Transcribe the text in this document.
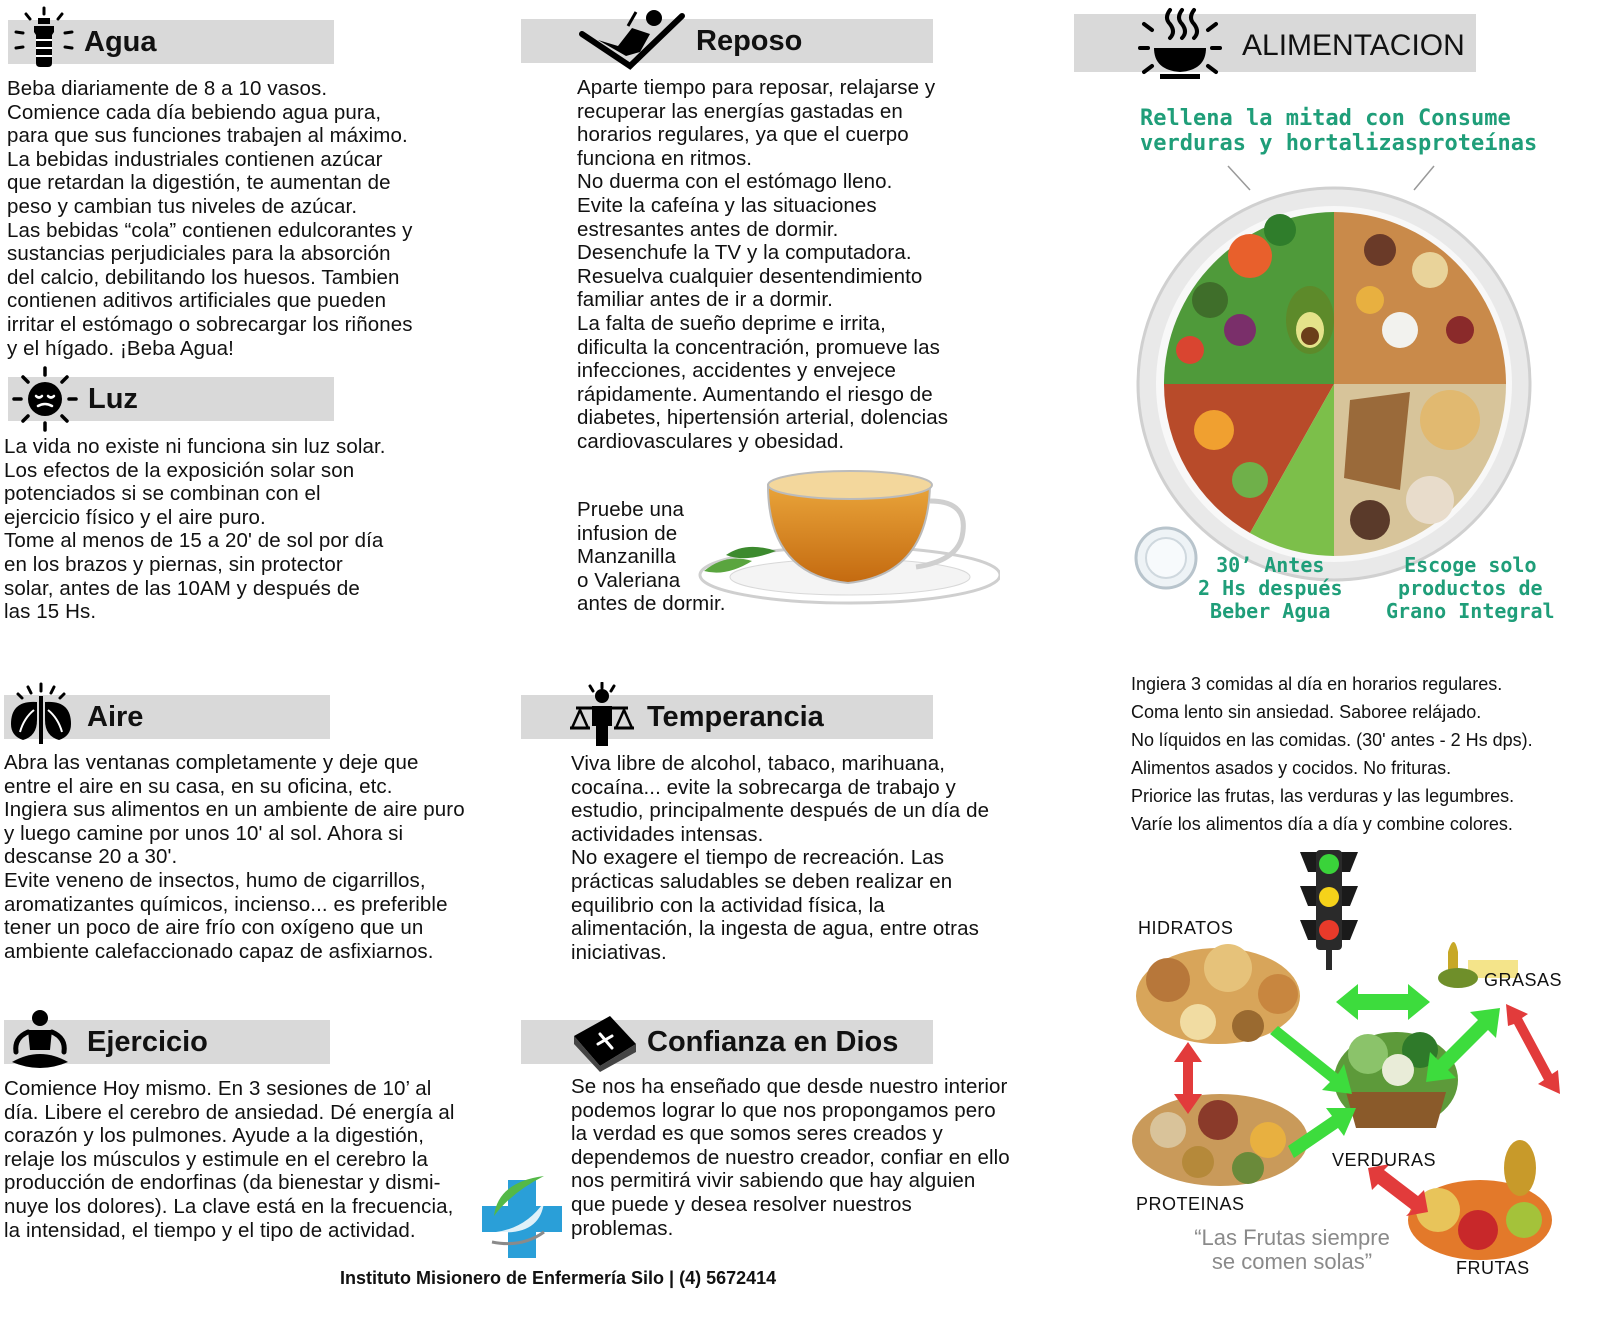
Agua
Beba diariamente de 8 a 10 vasos.
Comience cada día bebiendo agua pura,
para que sus funciones trabajen al máximo.
La bebidas industriales contienen azúcar
que retardan la digestión, te aumentan de
peso y cambian tus niveles de azúcar.
Las bebidas “cola” contienen edulcorantes y
sustancias perjudiciales para la absorción
del calcio, debilitando los huesos. Tambien
contienen aditivos artificiales que pueden
irritar el estómago o sobrecargar los riñones
y el hígado. ¡Beba Agua!
Luz
La vida no existe ni funciona sin luz solar.
Los efectos de la exposición solar son
potenciados si se combinan con el
ejercicio físico y el aire puro.
Tome al menos de 15 a 20' de sol por día
en los brazos y piernas, sin protector
solar, antes de las 10AM y después de
las 15 Hs.
Reposo
Aparte tiempo para reposar, relajarse y
recuperar las energías gastadas en
horarios regulares, ya que el cuerpo
funciona en ritmos.
No duerma con el estómago lleno.
Evite la cafeína y las situaciones
estresantes antes de dormir.
Desenchufe la TV y la computadora.
Resuelva cualquier desentendimiento
familiar antes de ir a dormir.
La falta de sueño deprime e irrita,
dificulta la concentración, promueve las
infecciones, accidentes y envejece
rápidamente. Aumentando el riesgo de
diabetes, hipertensión arterial, dolencias
cardiovasculares y obesidad.
Pruebe una
infusion de
Manzanilla
o Valeriana
antes de dormir.
ALIMENTACION
Rellena la mitad con
verduras y hortalizas
Consume
proteínas
30’ Antes
2 Hs después
Beber Agua
Escoge solo
productos de
Grano Integral
Ingiera 3 comidas al día en horarios regulares.
Coma lento sin ansiedad. Saboree relájado.
No líquidos en las comidas. (30' antes - 2 Hs dps).
Alimentos asados y cocidos. No frituras.
Priorice las frutas, las verduras y las legumbres.
Varíe los alimentos día a día y combine colores.
HIDRATOS
GRASAS
VERDURAS
PROTEINAS
FRUTAS
“Las Frutas siempre
se comen solas”
Aire
Abra las ventanas completamente y deje que
entre el aire en su casa, en su oficina, etc.
Ingiera sus alimentos en un ambiente de aire puro
y luego camine por unos 10' al sol. Ahora si
descanse 20 a 30'.
Evite veneno de insectos, humo de cigarrillos,
aromatizantes químicos, incienso... es preferible
tener un poco de aire frío con oxígeno que un
ambiente calefaccionado capaz de asfixiarnos.
Temperancia
Viva libre de alcohol, tabaco, marihuana,
cocaína... evite la sobrecarga de trabajo y
estudio, principalmente después de un día de
actividades intensas.
No exagere el tiempo de recreación. Las
prácticas saludables se deben realizar en
equilibrio con la actividad física, la
alimentación, la ingesta de agua, entre otras
iniciativas.
Ejercicio
Comience Hoy mismo. En 3 sesiones de 10’ al
día. Libere el cerebro de ansiedad. Dé energía al
corazón y los pulmones. Ayude a la digestión,
relaje los músculos y estimule en el cerebro la
producción de endorfinas (da bienestar y dismi-
nuye los dolores). La clave está en la frecuencia,
la intensidad, el tiempo y el tipo de actividad.
Confianza en Dios
Se nos ha enseñado que desde nuestro interior
podemos lograr lo que nos propongamos pero
la verdad es que somos seres creados y
dependemos de nuestro creador, confiar en ello
nos permitirá vivir sabiendo que hay alguien
que puede y desea resolver nuestros
problemas.
Instituto Misionero de Enfermería Silo | (4) 5672414
